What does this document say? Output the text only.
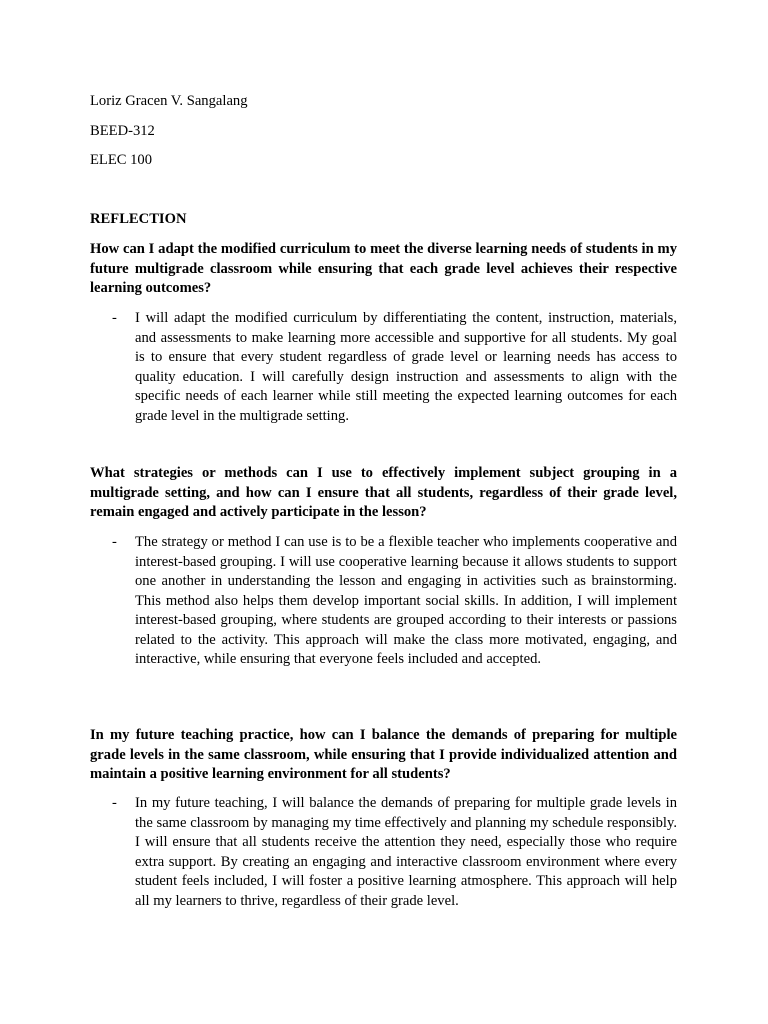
Loriz Gracen V. Sangalang

BEED-312

ELEC 100

REFLECTION

How can I adapt the modified curriculum to meet the diverse learning needs of students in my future multigrade classroom while ensuring that each grade level achieves their respective learning outcomes?

- I will adapt the modified curriculum by differentiating the content, instruction, materials, and assessments to make learning more accessible and supportive for all students. My goal is to ensure that every student regardless of grade level or learning needs has access to quality education. I will carefully design instruction and assessments to align with the specific needs of each learner while still meeting the expected learning outcomes for each grade level in the multigrade setting.

What strategies or methods can I use to effectively implement subject grouping in a multigrade setting, and how can I ensure that all students, regardless of their grade level, remain engaged and actively participate in the lesson?

- The strategy or method I can use is to be a flexible teacher who implements cooperative and interest-based grouping. I will use cooperative learning because it allows students to support one another in understanding the lesson and engaging in activities such as brainstorming. This method also helps them develop important social skills. In addition, I will implement interest-based grouping, where students are grouped according to their interests or passions related to the activity. This approach will make the class more motivated, engaging, and interactive, while ensuring that everyone feels included and accepted.

In my future teaching practice, how can I balance the demands of preparing for multiple grade levels in the same classroom, while ensuring that I provide individualized attention and maintain a positive learning environment for all students?

- In my future teaching, I will balance the demands of preparing for multiple grade levels in the same classroom by managing my time effectively and planning my schedule responsibly. I will ensure that all students receive the attention they need, especially those who require extra support. By creating an engaging and interactive classroom environment where every student feels included, I will foster a positive learning atmosphere. This approach will help all my learners to thrive, regardless of their grade level.
